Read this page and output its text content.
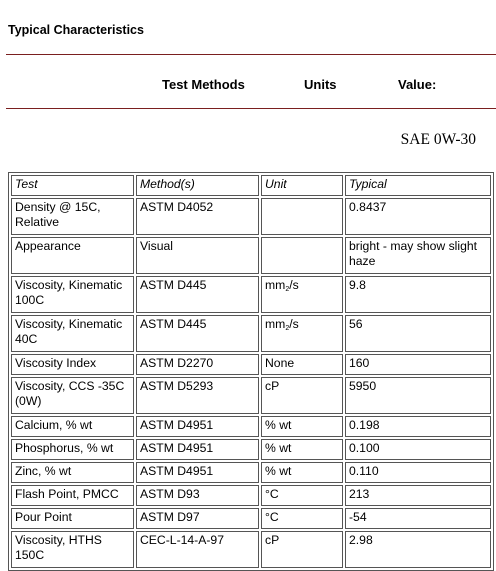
Typical Characteristics
Test Methods	Units	Value:
SAE 0W-30
Test	Method(s)	Unit	Typical
Density @ 15C, Relative	ASTM D4052		0.8437
Appearance	Visual		bright - may show slight haze
Viscosity, Kinematic 100C	ASTM D445	$mm_2/s$	9.8
Viscosity, Kinematic 40C	ASTM D445	$mm_2/s$	56
Viscosity Index	ASTM D2270	None	160
Viscosity, CCS -35C (0W)	ASTM D5293	cP	5950
Calcium, % wt	ASTM D4951	% wt	0.198
Phosphorus, % wt	ASTM D4951	% wt	0.100
Zinc, % wt	ASTM D4951	% wt	0.110
Flash Point, PMCC	ASTM D93	°C	213
Pour Point	ASTM D97	°C	-54
Viscosity, HTHS 150C	CEC-L-14-A-97	cP	2.98
